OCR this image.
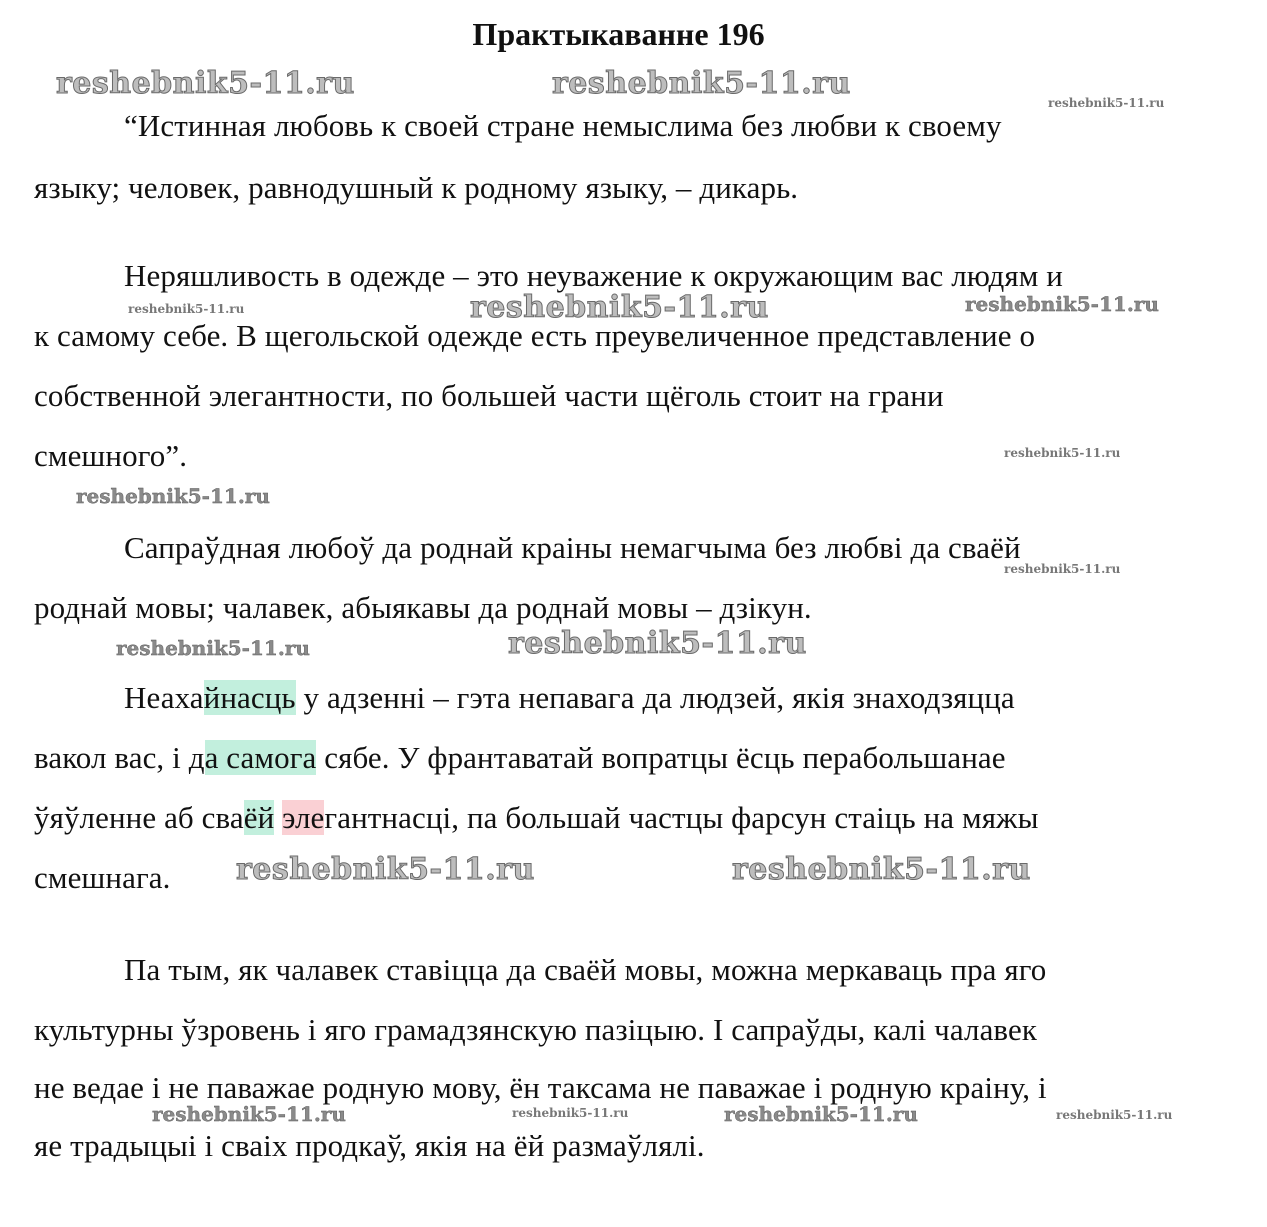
Практыкаванне 196
reshebnik5-11.ru	reshebnik5-11.ru
reshebnik5-11.ru
reshebnik5-11.ru	reshebnik5-11.ru	reshebnik5-11.ru
reshebnik5-11.ru
reshebnik5-11.ru
reshebnik5-11.ru
reshebnik5-11.ru	reshebnik5-11.ru
reshebnik5-11.ru	reshebnik5-11.ru
reshebnik5-11.ru	reshebnik5-11.ru	reshebnik5-11.ru	reshebnik5-11.ru
“Истинная любовь к своей стране немыслима без любви к своему
языку; человек, равнодушный к родному языку, – дикарь.
Неряшливость в одежде – это неуважение к окружающим вас людям и
к самому себе. В щегольской одежде есть преувеличенное представление о
собственной элегантности, по большей части щёголь стоит на грани
смешного”.
Сапраўдная любоў да роднай краіны немагчыма без любві да сваёй
роднай мовы; чалавек, абыякавы да роднай мовы – дзікун.
Неахайнасць у адзенні – гэта непавага да людзей, якія знаходзяцца
вакол вас, і да самога сябе. У франтаватай вопратцы ёсць перабольшанае
ўяўленне аб сваёй элегантнасці, па большай частцы фарсун стаіць на мяжы
смешнага.
Па тым, як чалавек ставіцца да сваёй мовы, можна меркаваць пра яго
культурны ўзровень і яго грамадзянскую пазіцыю. І сапраўды, калі чалавек
не ведае і не паважае родную мову, ён таксама не паважае і родную краіну, і
яе традыцыі і сваіх продкаў, якія на ёй размаўлялі.
